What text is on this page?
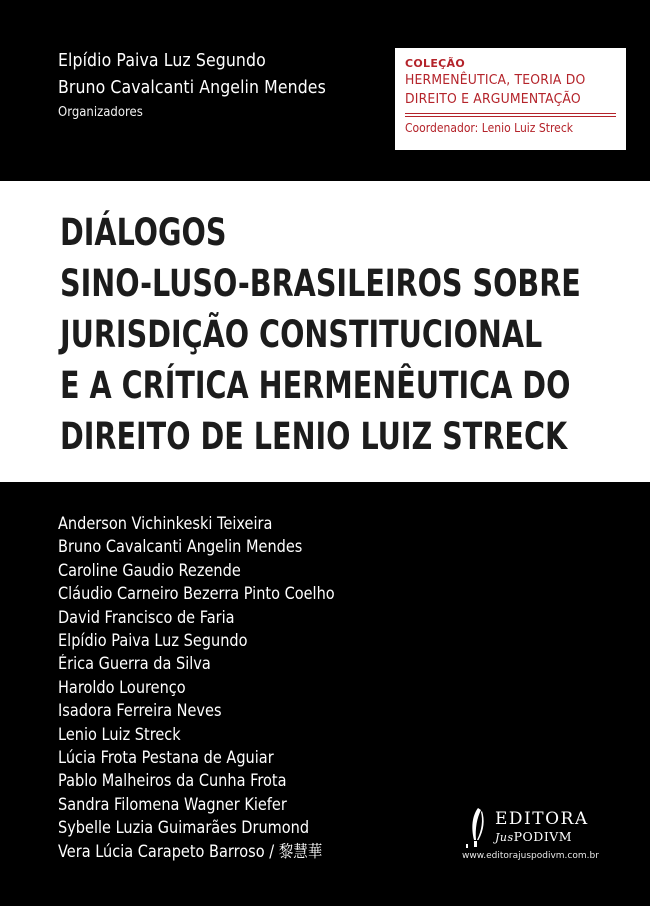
Elpídio Paiva Luz Segundo
Bruno Cavalcanti Angelin Mendes
Organizadores
COLEÇÃO
HERMENÊUTICA, TEORIA DO
DIREITO E ARGUMENTAÇÃO
Coordenador: Lenio Luiz Streck
DIÁLOGOS
SINO-LUSO-BRASILEIROS SOBRE
JURISDIÇÃO CONSTITUCIONAL
E A CRÍTICA HERMENÊUTICA DO
DIREITO DE LENIO LUIZ STRECK
Anderson Vichinkeski Teixeira
Bruno Cavalcanti Angelin Mendes
Caroline Gaudio Rezende
Cláudio Carneiro Bezerra Pinto Coelho
David Francisco de Faria
Elpídio Paiva Luz Segundo
Érica Guerra da Silva
Haroldo Lourenço
Isadora Ferreira Neves
Lenio Luiz Streck
Lúcia Frota Pestana de Aguiar
Pablo Malheiros da Cunha Frota
Sandra Filomena Wagner Kiefer
Sybelle Luzia Guimarães Drumond
Vera Lúcia Carapeto Barroso / 黎慧華
EDITORA
JusPODIVM
www.editorajuspodivm.com.br
